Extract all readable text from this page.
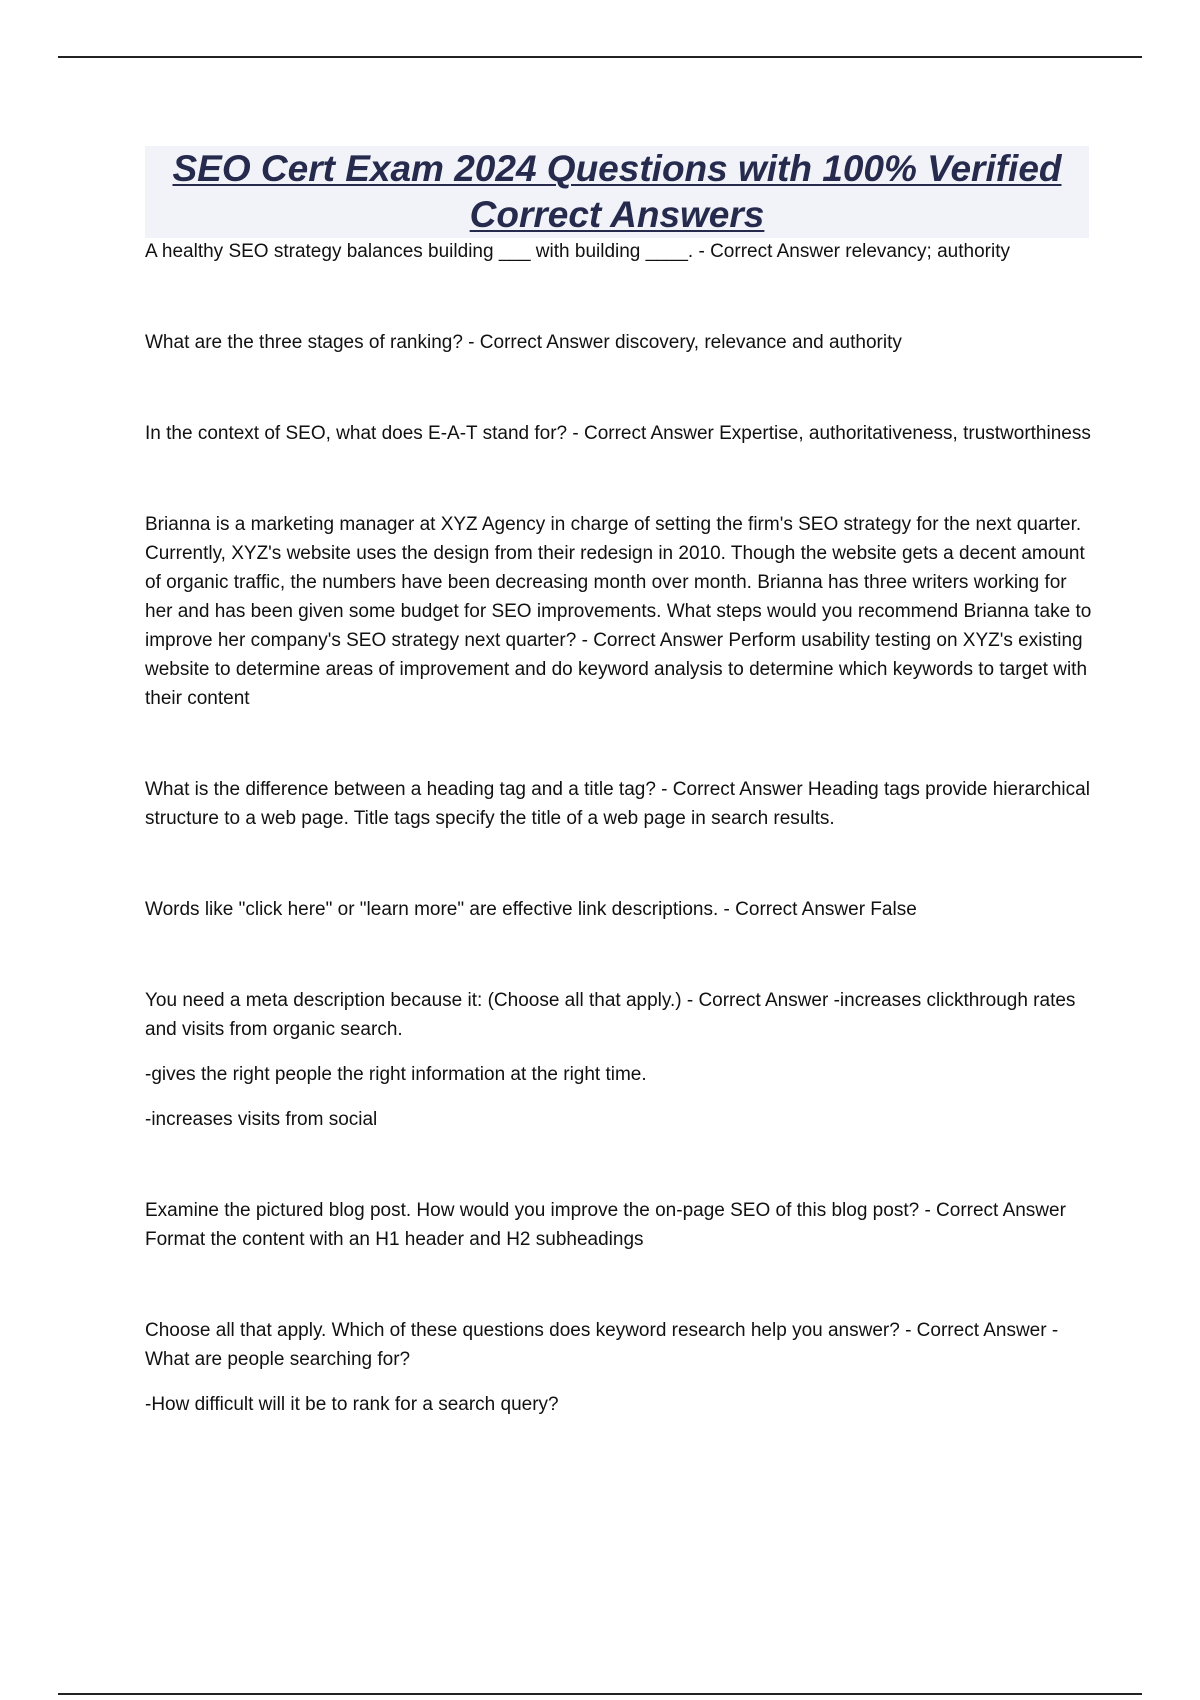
SEO Cert Exam 2024 Questions with 100% Verified Correct Answers

A healthy SEO strategy balances building ___ with building ____. - Correct Answer relevancy; authority

What are the three stages of ranking? - Correct Answer discovery, relevance and authority

In the context of SEO, what does E-A-T stand for? - Correct Answer Expertise, authoritativeness, trustworthiness

Brianna is a marketing manager at XYZ Agency in charge of setting the firm's SEO strategy for the next quarter. Currently, XYZ's website uses the design from their redesign in 2010. Though the website gets a decent amount of organic traffic, the numbers have been decreasing month over month. Brianna has three writers working for her and has been given some budget for SEO improvements. What steps would you recommend Brianna take to improve her company's SEO strategy next quarter? - Correct Answer Perform usability testing on XYZ's existing website to determine areas of improvement and do keyword analysis to determine which keywords to target with their content

What is the difference between a heading tag and a title tag? - Correct Answer Heading tags provide hierarchical structure to a web page. Title tags specify the title of a web page in search results.

Words like "click here" or "learn more" are effective link descriptions. - Correct Answer False

You need a meta description because it: (Choose all that apply.) - Correct Answer -increases clickthrough rates and visits from organic search.

-gives the right people the right information at the right time.

-increases visits from social

Examine the pictured blog post. How would you improve the on-page SEO of this blog post? - Correct Answer Format the content with an H1 header and H2 subheadings

Choose all that apply. Which of these questions does keyword research help you answer? - Correct Answer -What are people searching for?

-How difficult will it be to rank for a search query?
